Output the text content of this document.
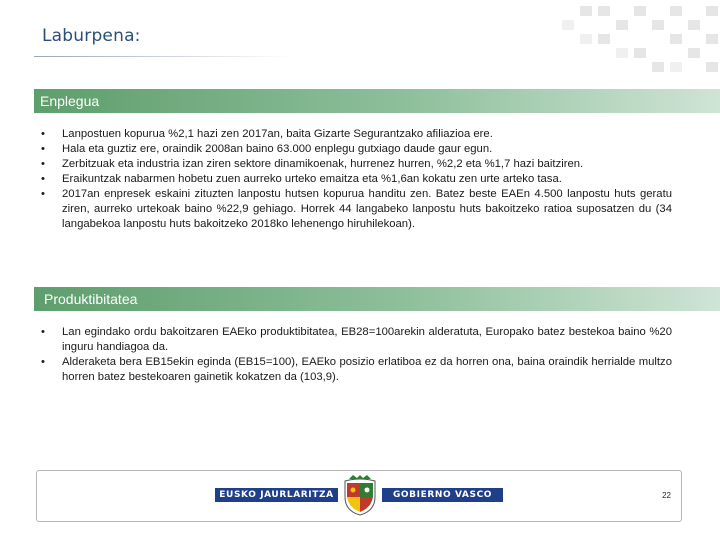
Laburpena:
Enplegua
•	Lanpostuen kopurua %2,1 hazi zen 2017an, baita Gizarte Segurantzako afiliazioa ere.
•	Hala eta guztiz ere, oraindik 2008an baino 63.000 enplegu gutxiago daude gaur egun.
•	Zerbitzuak eta industria izan ziren sektore dinamikoenak, hurrenez hurren, %2,2 eta %1,7 hazi baitziren.
•	Eraikuntzak nabarmen hobetu zuen aurreko urteko emaitza eta %1,6an kokatu zen urte arteko tasa.
•	2017an enpresek eskaini zituzten lanpostu hutsen kopurua handitu zen. Batez beste EAEn 4.500 lanpostu huts geratu ziren, aurreko urtekoak baino %22,9 gehiago. Horrek 44 langabeko lanpostu huts bakoitzeko ratioa suposatzen du (34 langabekoa lanpostu huts bakoitzeko 2018ko lehenengo hiruhilekoan).
Produktibitatea
•	Lan egindako ordu bakoitzaren EAEko produktibitatea, EB28=100arekin alderatuta, Europako batez bestekoa baino %20 inguru handiagoa da.
•	Alderaketa bera EB15ekin eginda (EB15=100), EAEko posizio erlatiboa ez da horren ona, baina oraindik herrialde multzo horren batez bestekoaren gainetik kokatzen da (103,9).
EUSKO JAURLARITZA	GOBIERNO VASCO	22
